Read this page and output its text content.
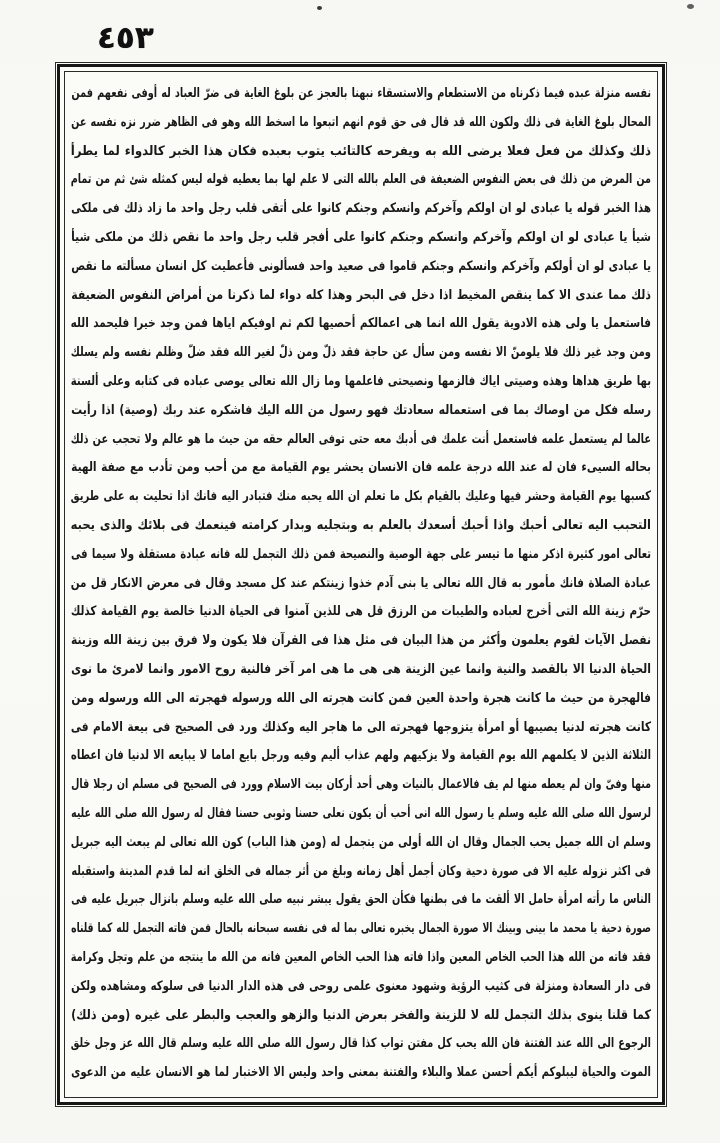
٤٥٣
نفسه منزلة عبده فيما ذكرناه من الاستطعام والاستسقاء نبهنا بالعجز عن بلوغ الغاية فى ضرّ العباد له أوفى نفعهم فمن
المحال بلوغ الغاية فى ذلك ولكون الله قد قال فى حق قوم انهم اتبعوا ما اسخط الله وهو فى الظاهر ضرر نزه نفسه عن
ذلك وكذلك من فعل فعلا يرضى الله به ويفرحه كالتائب يتوب بعبده فكان هذا الخبر كالدواء لما يطرأ
من المرض من ذلك فى بعض النفوس الضعيفة فى العلم بالله التى لا علم لها بما يعطيه قوله ليس كمثله شئ ثم من تمام
هذا الخبر قوله يا عبادى لو ان اولكم وآخركم وانسكم وجنكم كانوا على أتقى قلب رجل واحد ما زاد ذلك فى ملكى
شيأ يا عبادى لو ان اولكم وآخركم وانسكم وجنكم كانوا على أفجر قلب رجل واحد ما نقص ذلك من ملكى شيأ
يا عبادى لو ان أولكم وآخركم وانسكم وجنكم قاموا فى صعيد واحد فسألونى فأعطيت كل انسان مسألته ما نقص
ذلك مما عندى الا كما ينقص المخيط اذا دخل فى البحر وهذا كله دواء لما ذكرنا من أمراض النفوس الضعيفة
فاستعمل يا ولى هذه الادوية يقول الله انما هى اعمالكم أحصيها لكم ثم اوفيكم اياها فمن وجد خيرا فليحمد الله
ومن وجد غير ذلك فلا يلومنّ الا نفسه ومن سأل عن حاجة فقد ذلّ ومن ذلّ لغير الله فقد ضلّ وظلم نفسه ولم يسلك
بها طريق هداها وهذه وصيتى اياك فالزمها ونصيحتى فاعلمها وما زال الله تعالى يوصى عباده فى كتابه وعلى ألسنة
رسله فكل من اوصاك بما فى استعماله سعادتك فهو رسول من الله اليك فاشكره عند ربك (وصية) اذا رأيت
عالما لم يستعمل علمه فاستعمل أنت علمك فى أدبك معه حتى توفى العالم حقه من حيث ما هو عالم ولا تحجب عن ذلك
بحاله السيىء فان له عند الله درجة علمه فان الانسان يحشر يوم القيامة مع من أحب ومن تأدب مع صفة الهية
كسبها يوم القيامة وحشر فيها وعليك بالقيام بكل ما تعلم ان الله يحبه منك فتبادر اليه فانك اذا تحليت به على طريق
التحبب اليه تعالى أحبك واذا أحبك أسعدك بالعلم به وبتجليه وبدار كرامته فينعمك فى بلائك والذى يحبه
تعالى امور كثيرة اذكر منها ما تيسر على جهة الوصية والنصيحة فمن ذلك التجمل لله فانه عبادة مستقلة ولا سيما فى
عبادة الصلاة فانك مأمور به قال الله تعالى يا بنى آدم خذوا زينتكم عند كل مسجد وقال فى معرض الانكار قل من
حرّم زينة الله التى أخرج لعباده والطيبات من الرزق قل هى للذين آمنوا فى الحياة الدنيا خالصة يوم القيامة كذلك
نفصل الآيات لقوم يعلمون وأكثر من هذا البيان فى مثل هذا فى القرآن فلا يكون ولا فرق بين زينة الله وزينة
الحياة الدنيا الا بالقصد والنية وانما عين الزينة هى هى ما هى امر آخر فالنية روح الامور وانما لامرئ ما نوى
فالهجرة من حيث ما كانت هجرة واحدة العين فمن كانت هجرته الى الله ورسوله فهجرته الى الله ورسوله ومن
كانت هجرته لدنيا يصيبها أو امرأة يتزوجها فهجرته الى ما هاجر اليه وكذلك ورد فى الصحيح فى بيعة الامام فى
الثلاثة الذين لا يكلمهم الله يوم القيامة ولا يزكيهم ولهم عذاب أليم وفيه ورجل بايع اماما لا يبايعه الا لدنيا فان اعطاه
منها وفىّ وان لم يعطه منها لم يف فالاعمال بالنيات وهى أحد أركان بيت الاسلام وورد فى الصحيح فى مسلم ان رجلا قال
لرسول الله صلى الله عليه وسلم يا رسول الله انى أحب أن يكون نعلى حسنا وثوبى حسنا فقال له رسول الله صلى الله عليه
وسلم ان الله جميل يحب الجمال وقال ان الله أولى من يتجمل له (ومن هذا الباب) كون الله تعالى لم يبعث اليه جبريل
فى اكثر نزوله عليه الا فى صورة دحية وكان أجمل أهل زمانه وبلغ من أثر جماله فى الخلق انه لما قدم المدينة واستقبله
الناس ما رأته امرأة حامل الا ألقت ما فى بطنها فكأن الحق يقول يبشر نبيه صلى الله عليه وسلم بانزال جبريل عليه فى
صورة دحية يا محمد ما بينى وبينك الا صورة الجمال يخبره تعالى بما له فى نفسه سبحانه بالحال فمن فاته التجمل لله كما قلناه
فقد فاته من الله هذا الحب الخاص المعين واذا فاته هذا الحب الخاص المعين فانه من الله ما ينتجه من علم وتجل وكرامة
فى دار السعادة ومنزلة فى كثيب الرؤية وشهود معنوى علمى روحى فى هذه الدار الدنيا فى سلوكه ومشاهده ولكن
كما قلنا ينوى بذلك التجمل لله لا للزينة والفخر بعرض الدنيا والزهو والعجب والبطر على غيره (ومن ذلك)
الرجوع الى الله عند الفتنة فان الله يحب كل مفتن تواب كذا قال رسول الله صلى الله عليه وسلم قال الله عز وجل خلق
الموت والحياة ليبلوكم أيكم أحسن عملا والبلاء والفتنة بمعنى واحد وليس الا الاختبار لما هو الانسان عليه من الدعوى
